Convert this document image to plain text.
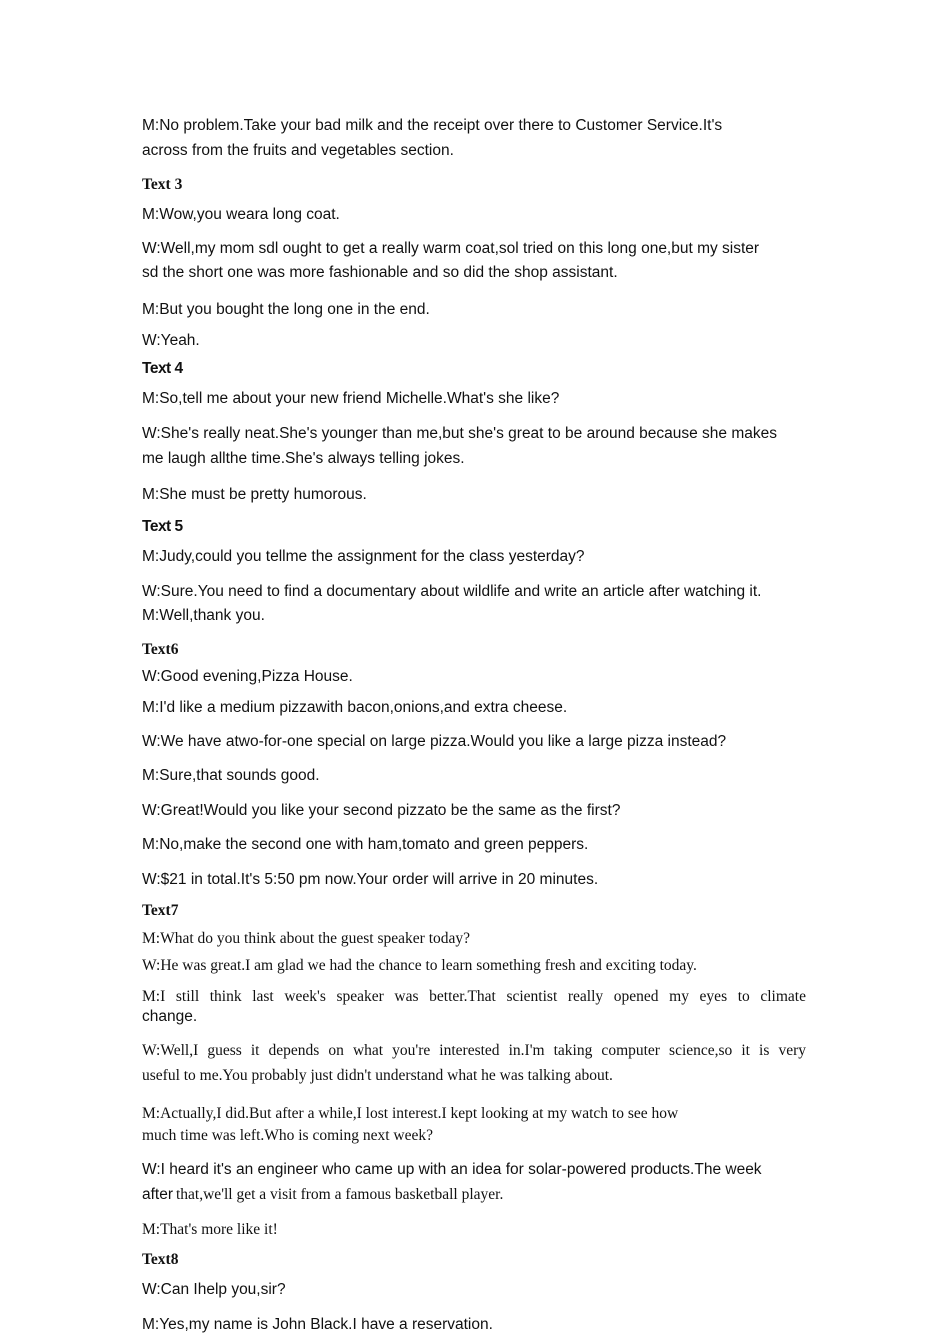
M:No problem.Take your bad milk and the receipt over there to Customer Service.It's

across from the fruits and vegetables section.

Text 3

M:Wow,you weara long coat.

W:Well,my mom sdl ought to get a really warm coat,sol tried on this long one,but my sister

sd the short one was more fashionable and so did the shop assistant.

M:But you bought the long one in the end.

W:Yeah.

Text 4

M:So,tell me about your new friend Michelle.What's she like?

W:She's really neat.She's younger than me,but she's great to be around because she makes

me laugh allthe time.She's always telling jokes.

M:She must be pretty humorous.

Text 5

M:Judy,could you tellme the assignment for the class yesterday?

W:Sure.You need to find a documentary about wildlife and write an article after watching it.

M:Well,thank you.

Text6

W:Good evening,Pizza House.

M:I'd like a medium pizzawith bacon,onions,and extra cheese.

W:We have atwo-for-one special on large pizza.Would you like a large pizza instead?

M:Sure,that sounds good.

W:Great!Would you like your second pizzato be the same as the first?

M:No,make the second one with ham,tomato and green peppers.

W:$21 in total.It's 5:50 pm now.Your order will arrive in 20 minutes.

Text7

M:What do you think about the guest speaker today?

W:He was great.I am glad we had the chance to learn something fresh and exciting today.

M:I still think last week's speaker was better.That scientist really opened my eyes to climate

change.

W:Well,I guess it depends on what you're interested in.I'm taking computer science,so it is very

useful to me.You probably just didn't understand what he was talking about.

M:Actually,I did.But after a while,I lost interest.I kept looking at my watch to see how

much time was left.Who is coming next week?

W:I heard it's an engineer who came up with an idea for solar-powered products.The week

after that,we'll get a visit from a famous basketball player.

M:That's more like it!

Text8

W:Can Ihelp you,sir?

M:Yes,my name is John Black.I have a reservation.
